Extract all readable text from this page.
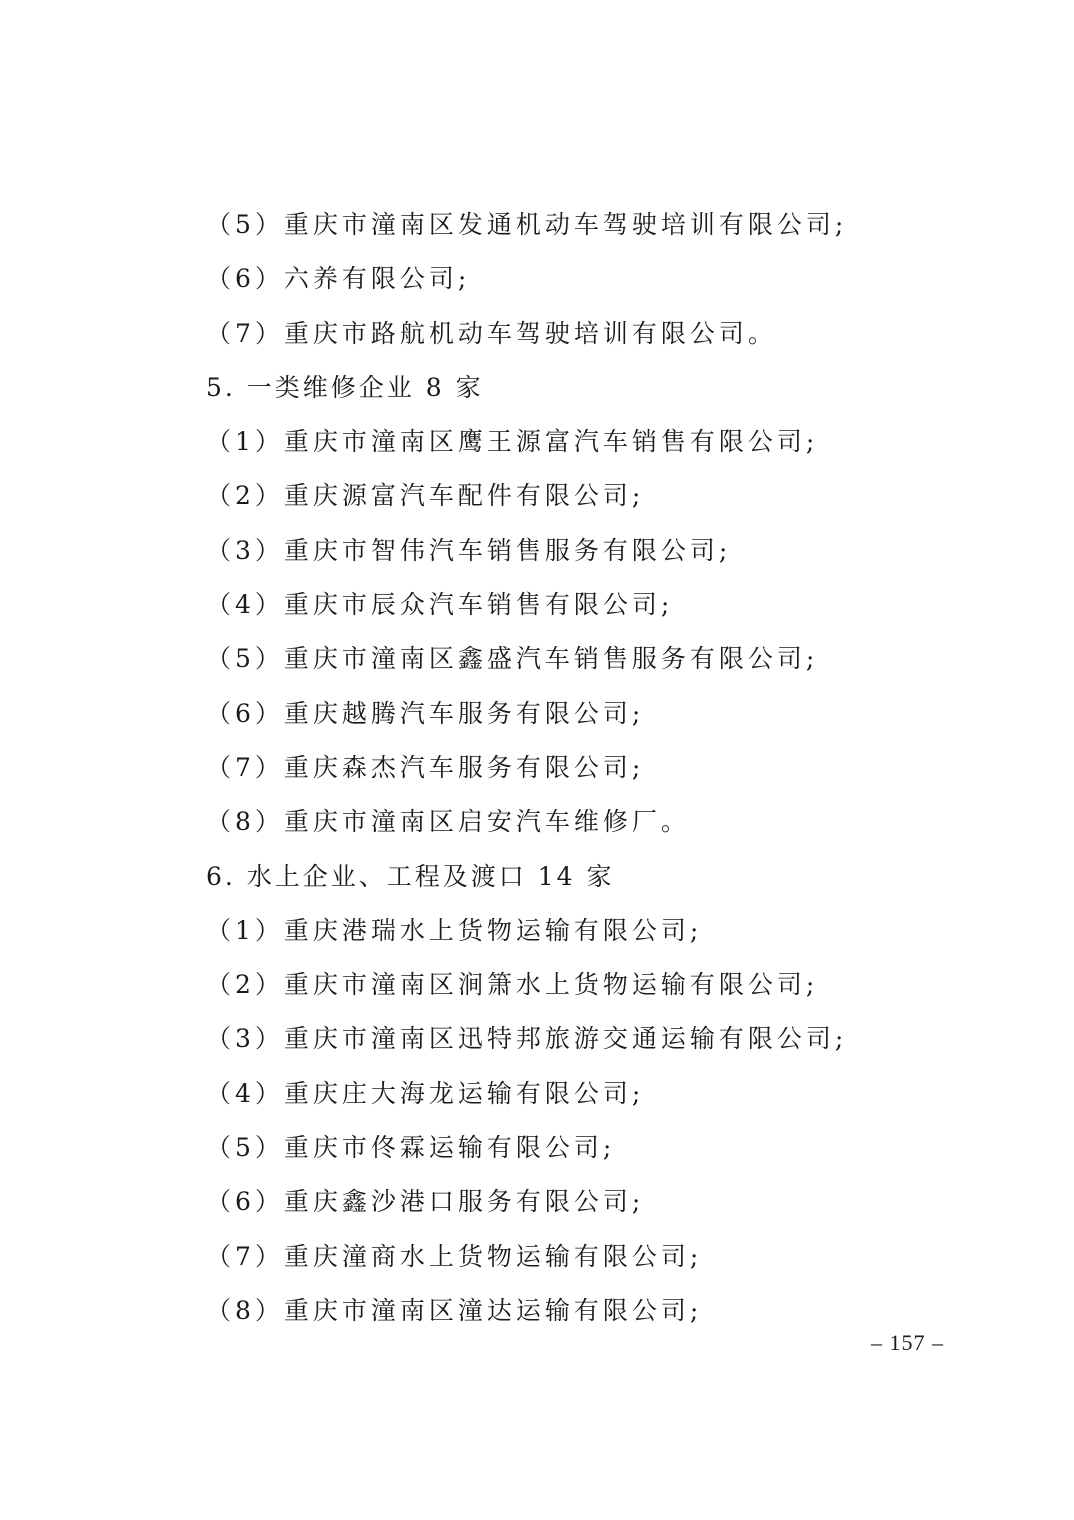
（5）重庆市潼南区发通机动车驾驶培训有限公司;
（6）六养有限公司;
（7）重庆市路航机动车驾驶培训有限公司。
5. 一类维修企业 8 家
（1）重庆市潼南区鹰王源富汽车销售有限公司;
（2）重庆源富汽车配件有限公司;
（3）重庆市智伟汽车销售服务有限公司;
（4）重庆市辰众汽车销售有限公司;
（5）重庆市潼南区鑫盛汽车销售服务有限公司;
（6）重庆越腾汽车服务有限公司;
（7）重庆森杰汽车服务有限公司;
（8）重庆市潼南区启安汽车维修厂。
6. 水上企业、工程及渡口 14 家
（1）重庆港瑞水上货物运输有限公司;
（2）重庆市潼南区涧箫水上货物运输有限公司;
（3）重庆市潼南区迅特邦旅游交通运输有限公司;
（4）重庆庄大海龙运输有限公司;
（5）重庆市佟霖运输有限公司;
（6）重庆鑫沙港口服务有限公司;
（7）重庆潼商水上货物运输有限公司;
（8）重庆市潼南区潼达运输有限公司;
– 157 –
